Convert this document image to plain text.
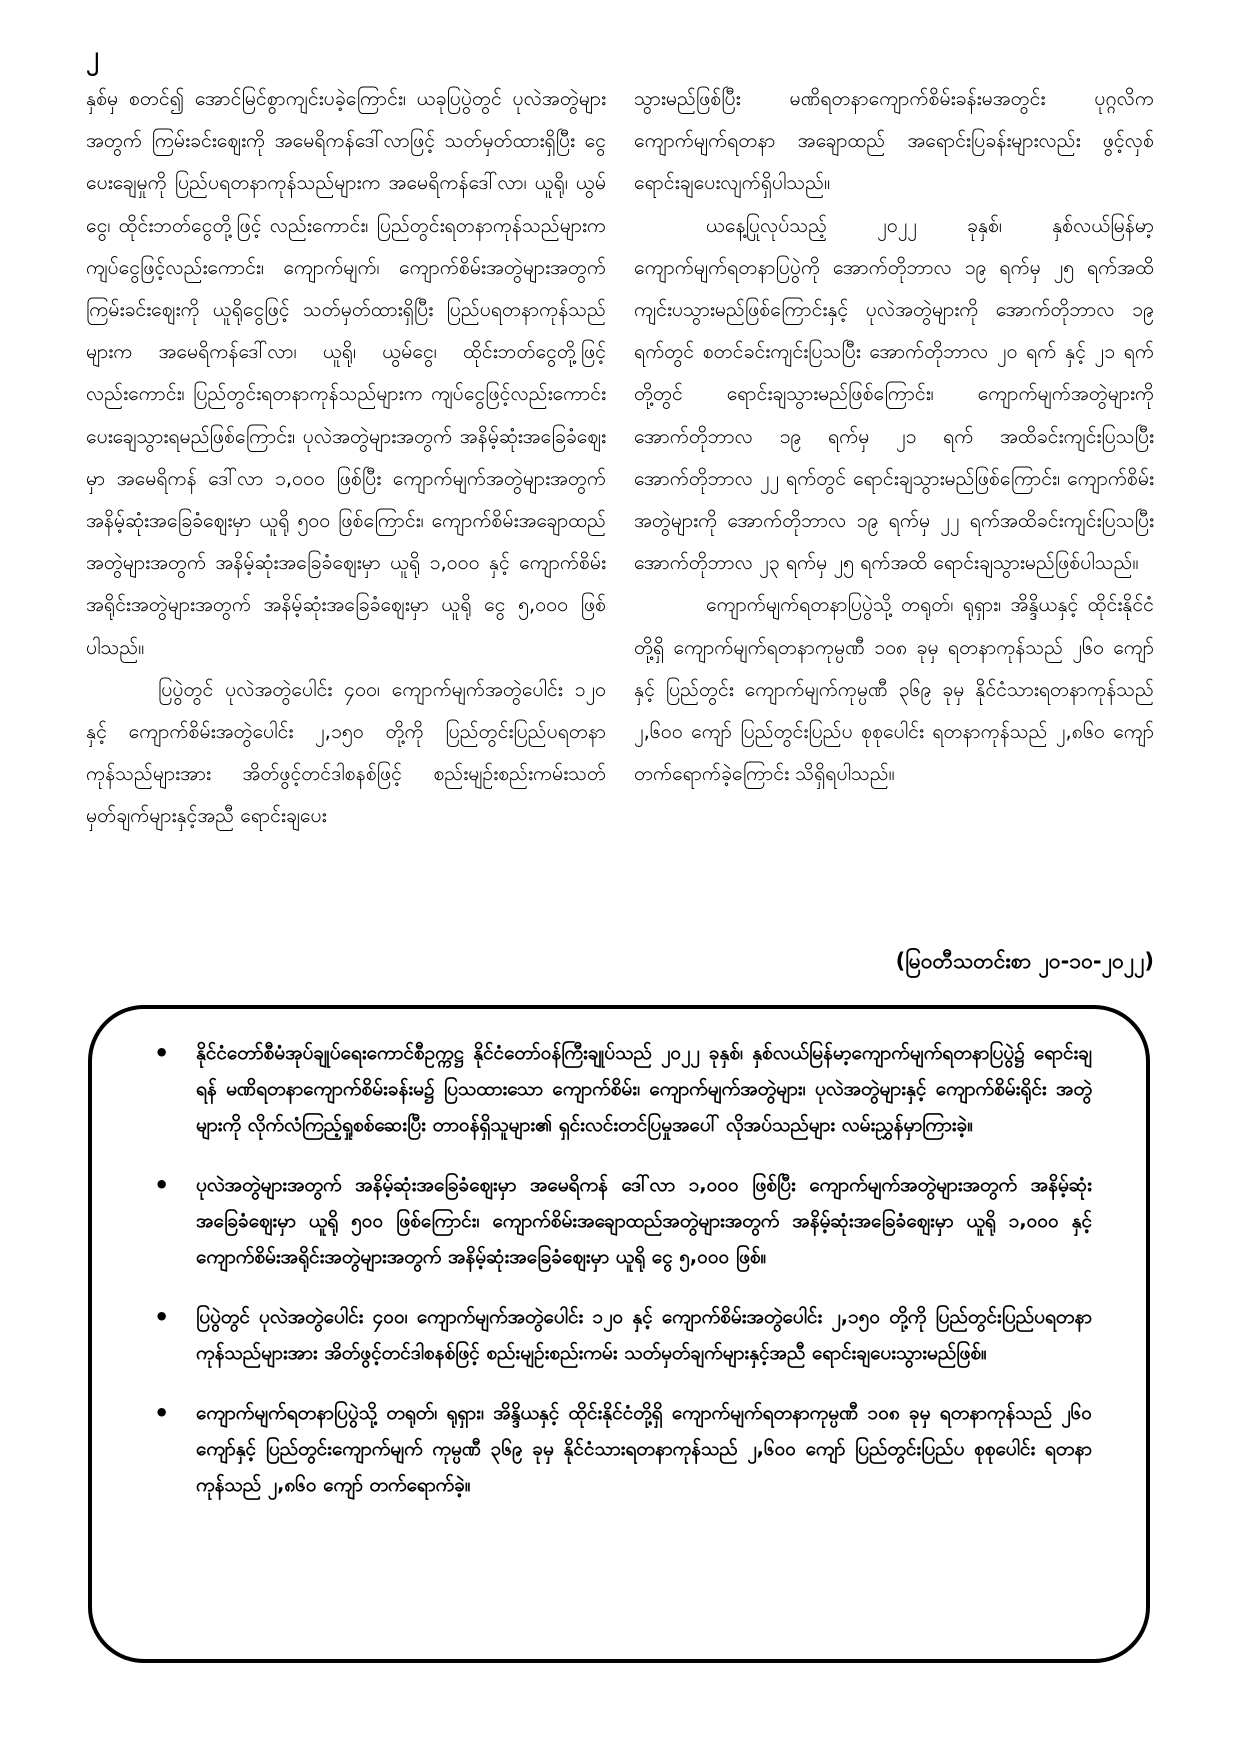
၂

နှစ်မှ စတင်၍ အောင်မြင်စွာကျင်းပခဲ့ကြောင်း၊ ယခုပြပွဲတွင် ပုလဲအတွဲများအတွက် ကြမ်းခင်းဈေးကို အမေရိကန်ဒေါ်လာဖြင့် သတ်မှတ်ထားရှိပြီး ငွေပေးချေမှုကို ပြည်ပရတနာကုန်သည်များက အမေရိကန်ဒေါ်လာ၊ ယူရို၊ ယွမ်ငွေ၊ ထိုင်းဘတ်ငွေတို့ဖြင့် လည်းကောင်း၊ ပြည်တွင်းရတနာကုန်သည်များက ကျပ်ငွေဖြင့်လည်းကောင်း၊ ကျောက်မျက်၊ ကျောက်စိမ်းအတွဲများအတွက် ကြမ်းခင်းဈေးကို ယူရိုငွေဖြင့် သတ်မှတ်ထားရှိပြီး ပြည်ပရတနာကုန်သည်များက အမေရိကန်ဒေါ်လာ၊ ယူရို၊ ယွမ်ငွေ၊ ထိုင်းဘတ်ငွေတို့ဖြင့် လည်းကောင်း၊ ပြည်တွင်းရတနာကုန်သည်များက ကျပ်ငွေဖြင့်လည်းကောင်း ပေးချေသွားရမည်ဖြစ်ကြောင်း၊ ပုလဲအတွဲများအတွက် အနိမ့်ဆုံးအခြေခံဈေးမှာ အမေရိကန် ဒေါ်လာ ၁,၀၀၀ ဖြစ်ပြီး ကျောက်မျက်အတွဲများအတွက် အနိမ့်ဆုံးအခြေခံဈေးမှာ ယူရို ၅၀၀ ဖြစ်ကြောင်း၊ ကျောက်စိမ်းအချောထည် အတွဲများအတွက် အနိမ့်ဆုံးအခြေခံဈေးမှာ ယူရို ၁,၀၀၀ နှင့် ကျောက်စိမ်းအရိုင်းအတွဲများအတွက် အနိမ့်ဆုံးအခြေခံဈေးမှာ ယူရို ငွေ ၅,၀၀၀ ဖြစ်ပါသည်။

ပြပွဲတွင် ပုလဲအတွဲပေါင်း ၄၀၀၊ ကျောက်မျက်အတွဲပေါင်း ၁၂၀ နှင့် ကျောက်စိမ်းအတွဲပေါင်း ၂,၁၅၀ တို့ကို ပြည်တွင်းပြည်ပရတနာကုန်သည်များအား အိတ်ဖွင့်တင်ဒါစနစ်ဖြင့် စည်းမျဉ်းစည်းကမ်းသတ်မှတ်ချက်များနှင့်အညီ ရောင်းချပေး

သွားမည်ဖြစ်ပြီး မဏိရတနာကျောက်စိမ်းခန်းမအတွင်း ပုဂ္ဂလိကကျောက်မျက်ရတနာ အချောထည် အရောင်းပြခန်းများလည်း ဖွင့်လှစ်ရောင်းချပေးလျက်ရှိပါသည်။

ယနေ့ပြုလုပ်သည့် ၂၀၂၂ ခုနှစ်၊ နှစ်လယ်မြန်မာ့ကျောက်မျက်ရတနာပြပွဲကို အောက်တိုဘာလ ၁၉ ရက်မှ ၂၅ ရက်အထိ ကျင်းပသွားမည်ဖြစ်ကြောင်းနှင့် ပုလဲအတွဲများကို အောက်တိုဘာလ ၁၉ ရက်တွင် စတင်ခင်းကျင်းပြသပြီး အောက်တိုဘာလ ၂၀ ရက် နှင့် ၂၁ ရက်တို့တွင် ရောင်းချသွားမည်ဖြစ်ကြောင်း၊ ကျောက်မျက်အတွဲများကို အောက်တိုဘာလ ၁၉ ရက်မှ ၂၁ ရက် အထိခင်းကျင်းပြသပြီး အောက်တိုဘာလ ၂၂ ရက်တွင် ရောင်းချသွားမည်ဖြစ်ကြောင်း၊ ကျောက်စိမ်းအတွဲများကို အောက်တိုဘာလ ၁၉ ရက်မှ ၂၂ ရက်အထိခင်းကျင်းပြသပြီး အောက်တိုဘာလ ၂၃ ရက်မှ ၂၅ ရက်အထိ ရောင်းချသွားမည်ဖြစ်ပါသည်။

ကျောက်မျက်ရတနာပြပွဲသို့ တရုတ်၊ ရုရှား၊ အိန္ဒိယနှင့် ထိုင်းနိုင်ငံတို့ရှိ ကျောက်မျက်ရတနာကုမ္ပဏီ ၁၀၈ ခုမှ ရတနာကုန်သည် ၂၆၀ ကျော်နှင့် ပြည်တွင်း ကျောက်မျက်ကုမ္ပဏီ ၃၆၉ ခုမှ နိုင်ငံသားရတနာကုန်သည် ၂,၆၀၀ ကျော် ပြည်တွင်းပြည်ပ စုစုပေါင်း ရတနာကုန်သည် ၂,၈၆၀ ကျော် တက်ရောက်ခဲ့ကြောင်း သိရှိရပါသည်။

(မြဝတီသတင်းစာ ၂၀-၁၀-၂၀၂၂)
• နိုင်ငံတော်စီမံအုပ်ချုပ်ရေးကောင်စီဥက္ကဋ္ဌ နိုင်ငံတော်ဝန်ကြီးချုပ်သည် ၂၀၂၂ ခုနှစ်၊ နှစ်လယ်မြန်မာ့ကျောက်မျက်ရတနာပြပွဲ၌ ရောင်းချရန် မဏိရတနာကျောက်စိမ်းခန်းမ၌ ပြသထားသော ကျောက်စိမ်း၊ ကျောက်မျက်အတွဲများ၊ ပုလဲအတွဲများနှင့် ကျောက်စိမ်းရိုင်း အတွဲများကို လိုက်လံကြည့်ရှုစစ်ဆေးပြီး တာဝန်ရှိသူများ၏ ရှင်းလင်းတင်ပြမှုအပေါ် လိုအပ်သည်များ လမ်းညွှန်မှာကြားခဲ့။
• ပုလဲအတွဲများအတွက် အနိမ့်ဆုံးအခြေခံဈေးမှာ အမေရိကန် ဒေါ်လာ ၁,၀၀၀ ဖြစ်ပြီး ကျောက်မျက်အတွဲများအတွက် အနိမ့်ဆုံးအခြေခံဈေးမှာ ယူရို ၅၀၀ ဖြစ်ကြောင်း၊ ကျောက်စိမ်းအချောထည်အတွဲများအတွက် အနိမ့်ဆုံးအခြေခံဈေးမှာ ယူရို ၁,၀၀၀ နှင့် ကျောက်စိမ်းအရိုင်းအတွဲများအတွက် အနိမ့်ဆုံးအခြေခံဈေးမှာ ယူရို ငွေ ၅,၀၀၀ ဖြစ်။
• ပြပွဲတွင် ပုလဲအတွဲပေါင်း ၄၀၀၊ ကျောက်မျက်အတွဲပေါင်း ၁၂၀ နှင့် ကျောက်စိမ်းအတွဲပေါင်း ၂,၁၅၀ တို့ကို ပြည်တွင်းပြည်ပရတနာကုန်သည်များအား အိတ်ဖွင့်တင်ဒါစနစ်ဖြင့် စည်းမျဉ်းစည်းကမ်း သတ်မှတ်ချက်များနှင့်အညီ ရောင်းချပေးသွားမည်ဖြစ်။
• ကျောက်မျက်ရတနာပြပွဲသို့ တရုတ်၊ ရုရှား၊ အိန္ဒိယနှင့် ထိုင်းနိုင်ငံတို့ရှိ ကျောက်မျက်ရတနာကုမ္ပဏီ ၁၀၈ ခုမှ ရတနာကုန်သည် ၂၆၀ ကျော်နှင့် ပြည်တွင်းကျောက်မျက် ကုမ္ပဏီ ၃၆၉ ခုမှ နိုင်ငံသားရတနာကုန်သည် ၂,၆၀၀ ကျော် ပြည်တွင်းပြည်ပ စုစုပေါင်း ရတနာကုန်သည် ၂,၈၆၀ ကျော် တက်ရောက်ခဲ့။
